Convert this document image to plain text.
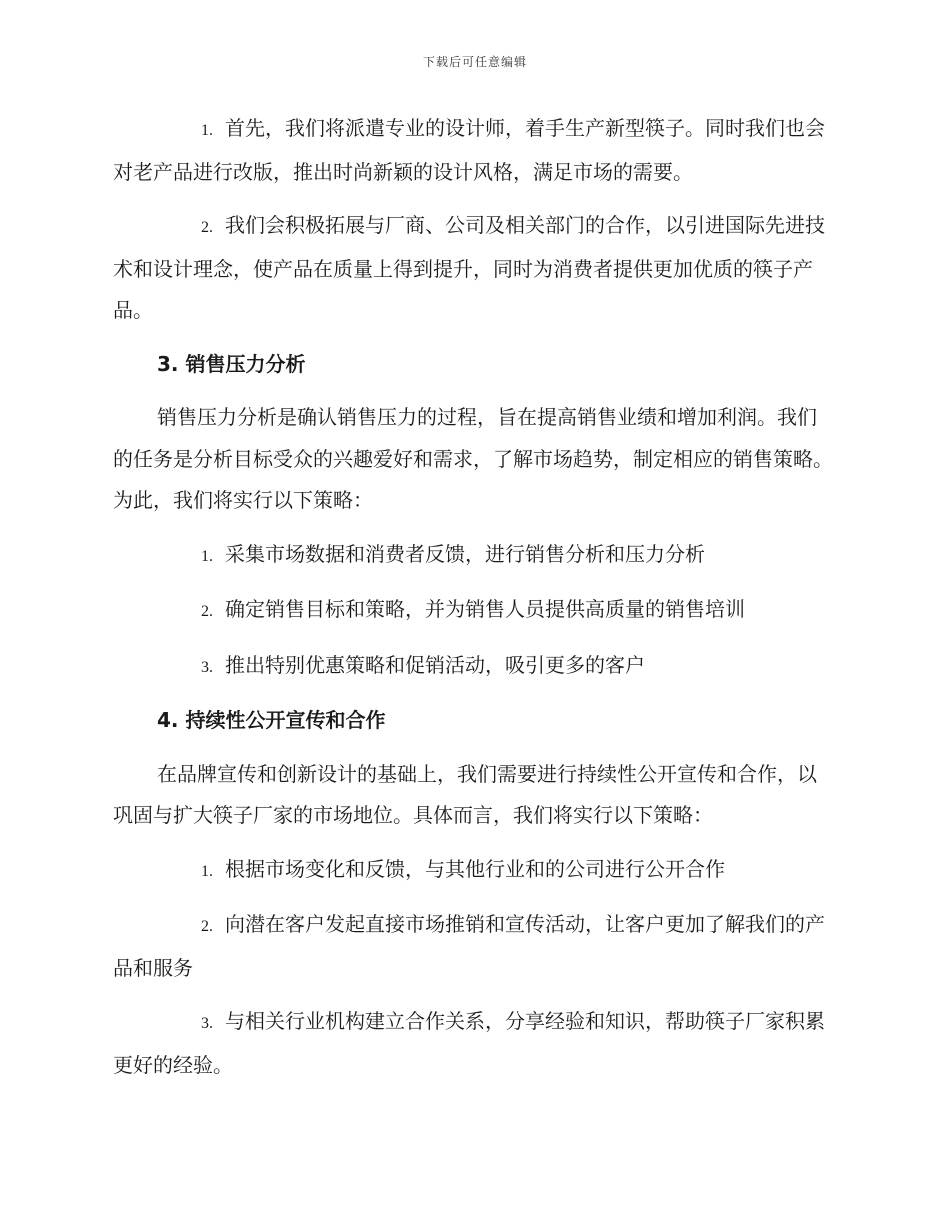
下载后可任意编辑
1. 首先，我们将派遣专业的设计师，着手生产新型筷子。同时我们也会对老产品进行改版，推出时尚新颖的设计风格，满足市场的需要。
2. 我们会积极拓展与厂商、公司及相关部门的合作，以引进国际先进技术和设计理念，使产品在质量上得到提升，同时为消费者提供更加优质的筷子产品。
3. 销售压力分析
销售压力分析是确认销售压力的过程，旨在提高销售业绩和增加利润。我们的任务是分析目标受众的兴趣爱好和需求，了解市场趋势，制定相应的销售策略。为此，我们将实行以下策略：
1. 采集市场数据和消费者反馈，进行销售分析和压力分析
2. 确定销售目标和策略，并为销售人员提供高质量的销售培训
3. 推出特别优惠策略和促销活动，吸引更多的客户
4. 持续性公开宣传和合作
在品牌宣传和创新设计的基础上，我们需要进行持续性公开宣传和合作，以巩固与扩大筷子厂家的市场地位。具体而言，我们将实行以下策略：
1. 根据市场变化和反馈，与其他行业和的公司进行公开合作
2. 向潜在客户发起直接市场推销和宣传活动，让客户更加了解我们的产品和服务
3. 与相关行业机构建立合作关系，分享经验和知识，帮助筷子厂家积累更好的经验。
